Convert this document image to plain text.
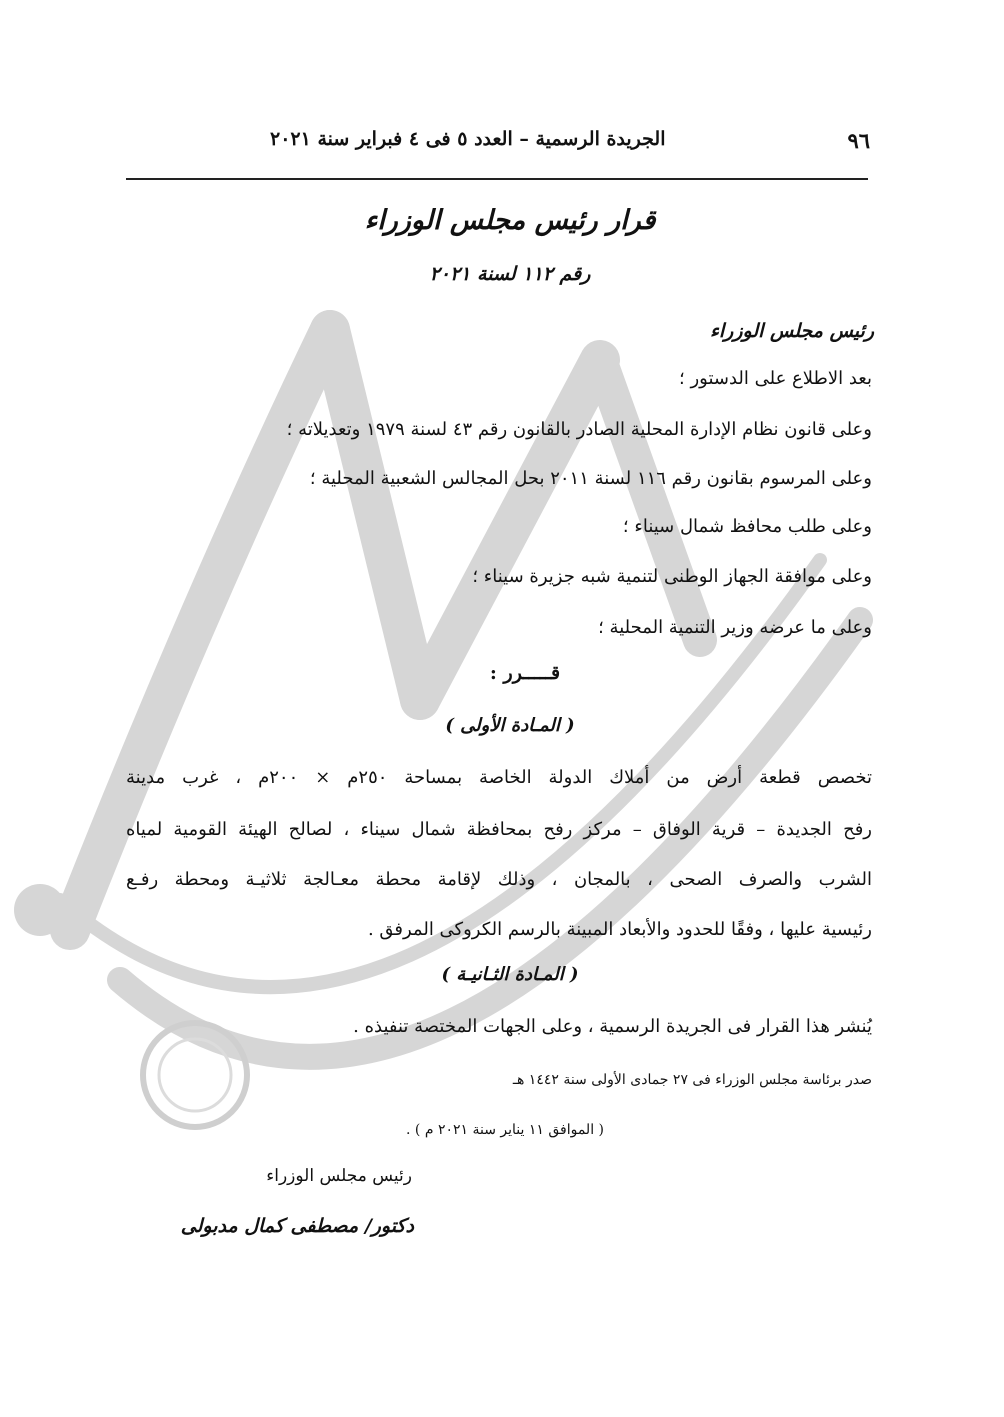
٩٦
الجريدة الرسمية – العدد ٥ فى ٤ فبراير سنة ٢٠٢١
قرار رئيس مجلس الوزراء
رقم ١١٢ لسنة ٢٠٢١
رئيس مجلس الوزراء
بعد الاطلاع على الدستور ؛
وعلى قانون نظام الإدارة المحلية الصادر بالقانون رقم ٤٣ لسنة ١٩٧٩ وتعديلاته ؛
وعلى المرسوم بقانون رقم ١١٦ لسنة ٢٠١١ بحل المجالس الشعبية المحلية ؛
وعلى طلب محافظ شمال سيناء ؛
وعلى موافقة الجهاز الوطنى لتنمية شبه جزيرة سيناء ؛
وعلى ما عرضه وزير التنمية المحلية ؛
قـــــرر :
( المـادة الأولى )
تخصص قطعة أرض من أملاك الدولة الخاصة بمساحة ٢٥٠م × ٢٠٠م ، غرب مدينة
رفح الجديدة – قرية الوفاق – مركز رفح بمحافظة شمال سيناء ، لصالح الهيئة القومية لمياه
الشرب والصرف الصحى ، بالمجان ، وذلك لإقامة محطة معـالجة ثلاثيـة ومحطة رفـع
رئيسية عليها ، وفقًا للحدود والأبعاد المبينة بالرسم الكروكى المرفق .
( المـادة الثـانيـة )
يُنشر هذا القرار فى الجريدة الرسمية ، وعلى الجهات المختصة تنفيذه .
صدر برئاسة مجلس الوزراء فى ٢٧ جمادى الأولى سنة ١٤٤٢ هـ
( الموافق ١١ يناير سنة ٢٠٢١ م ) .
رئيس مجلس الوزراء
دكتور/ مصطفى كمال مدبولى
